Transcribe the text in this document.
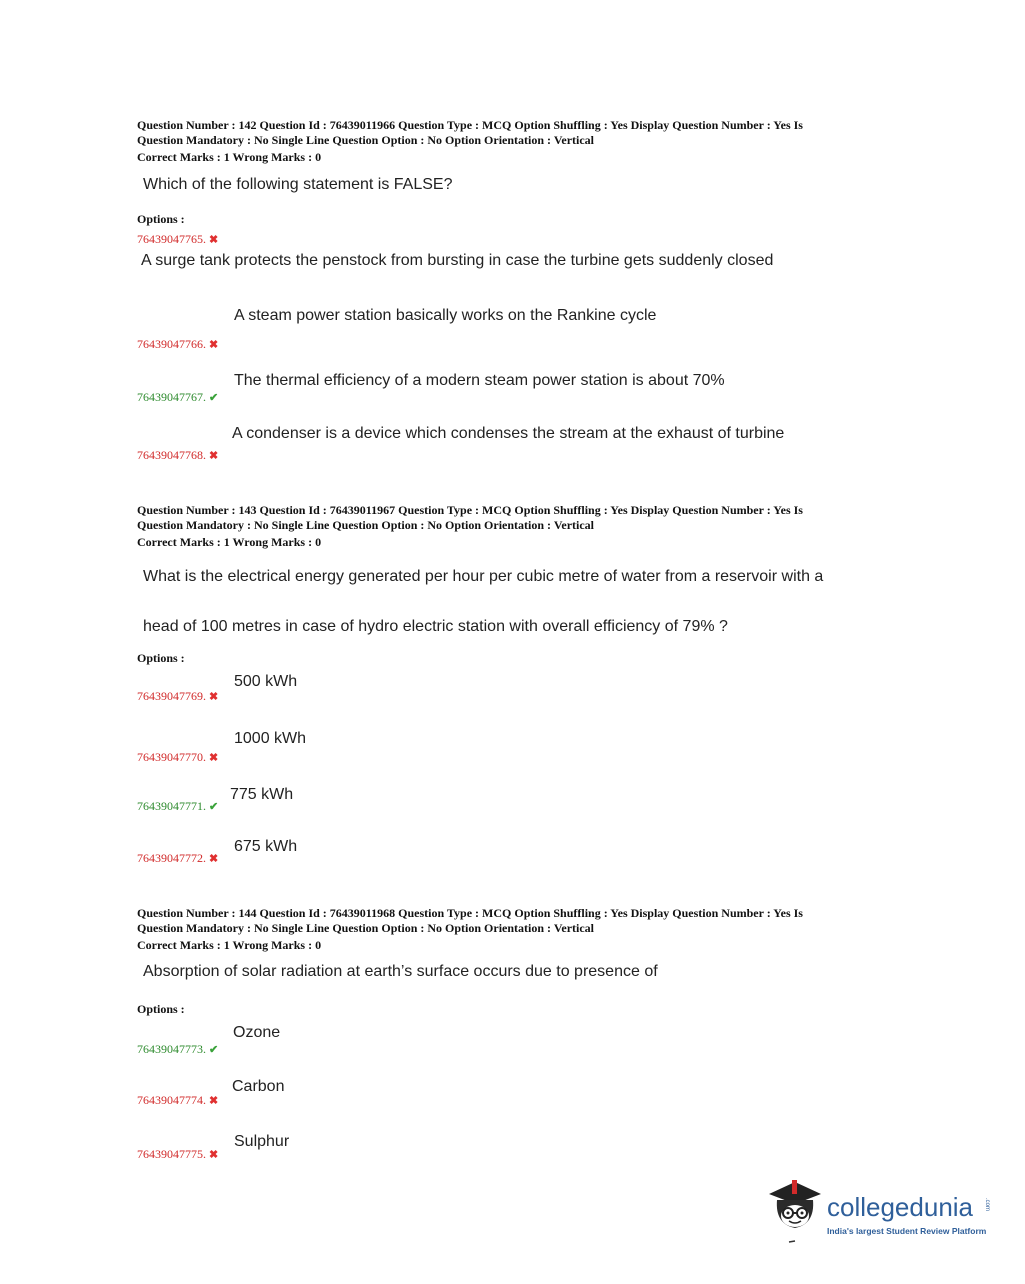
Question Number : 142 Question Id : 76439011966 Question Type : MCQ Option Shuffling : Yes Display Question Number : Yes Is
Question Mandatory : No Single Line Question Option : No Option Orientation : Vertical
Correct Marks : 1 Wrong Marks : 0
Which of the following statement is FALSE?
Options :
76439047765. ✖
A surge tank protects the penstock from bursting in case the turbine gets suddenly closed
A steam power station basically works on the Rankine cycle
76439047766. ✖
The thermal efficiency of a modern steam power station is about 70%
76439047767. ✔
A condenser is a device which condenses the stream at the exhaust of turbine
76439047768. ✖
Question Number : 143 Question Id : 76439011967 Question Type : MCQ Option Shuffling : Yes Display Question Number : Yes Is
Question Mandatory : No Single Line Question Option : No Option Orientation : Vertical
Correct Marks : 1 Wrong Marks : 0
What is the electrical energy generated per hour per cubic metre of water from a reservoir with a
head of 100 metres in case of hydro electric station with overall efficiency of 79% ?
Options :
500 kWh
76439047769. ✖
1000 kWh
76439047770. ✖
775 kWh
76439047771. ✔
675 kWh
76439047772. ✖
Question Number : 144 Question Id : 76439011968 Question Type : MCQ Option Shuffling : Yes Display Question Number : Yes Is
Question Mandatory : No Single Line Question Option : No Option Orientation : Vertical
Correct Marks : 1 Wrong Marks : 0
Absorption of solar radiation at earth’s surface occurs due to presence of
Options :
Ozone
76439047773. ✔
Carbon
76439047774. ✖
Sulphur
76439047775. ✖
collegedunia .com
India's largest Student Review Platform
